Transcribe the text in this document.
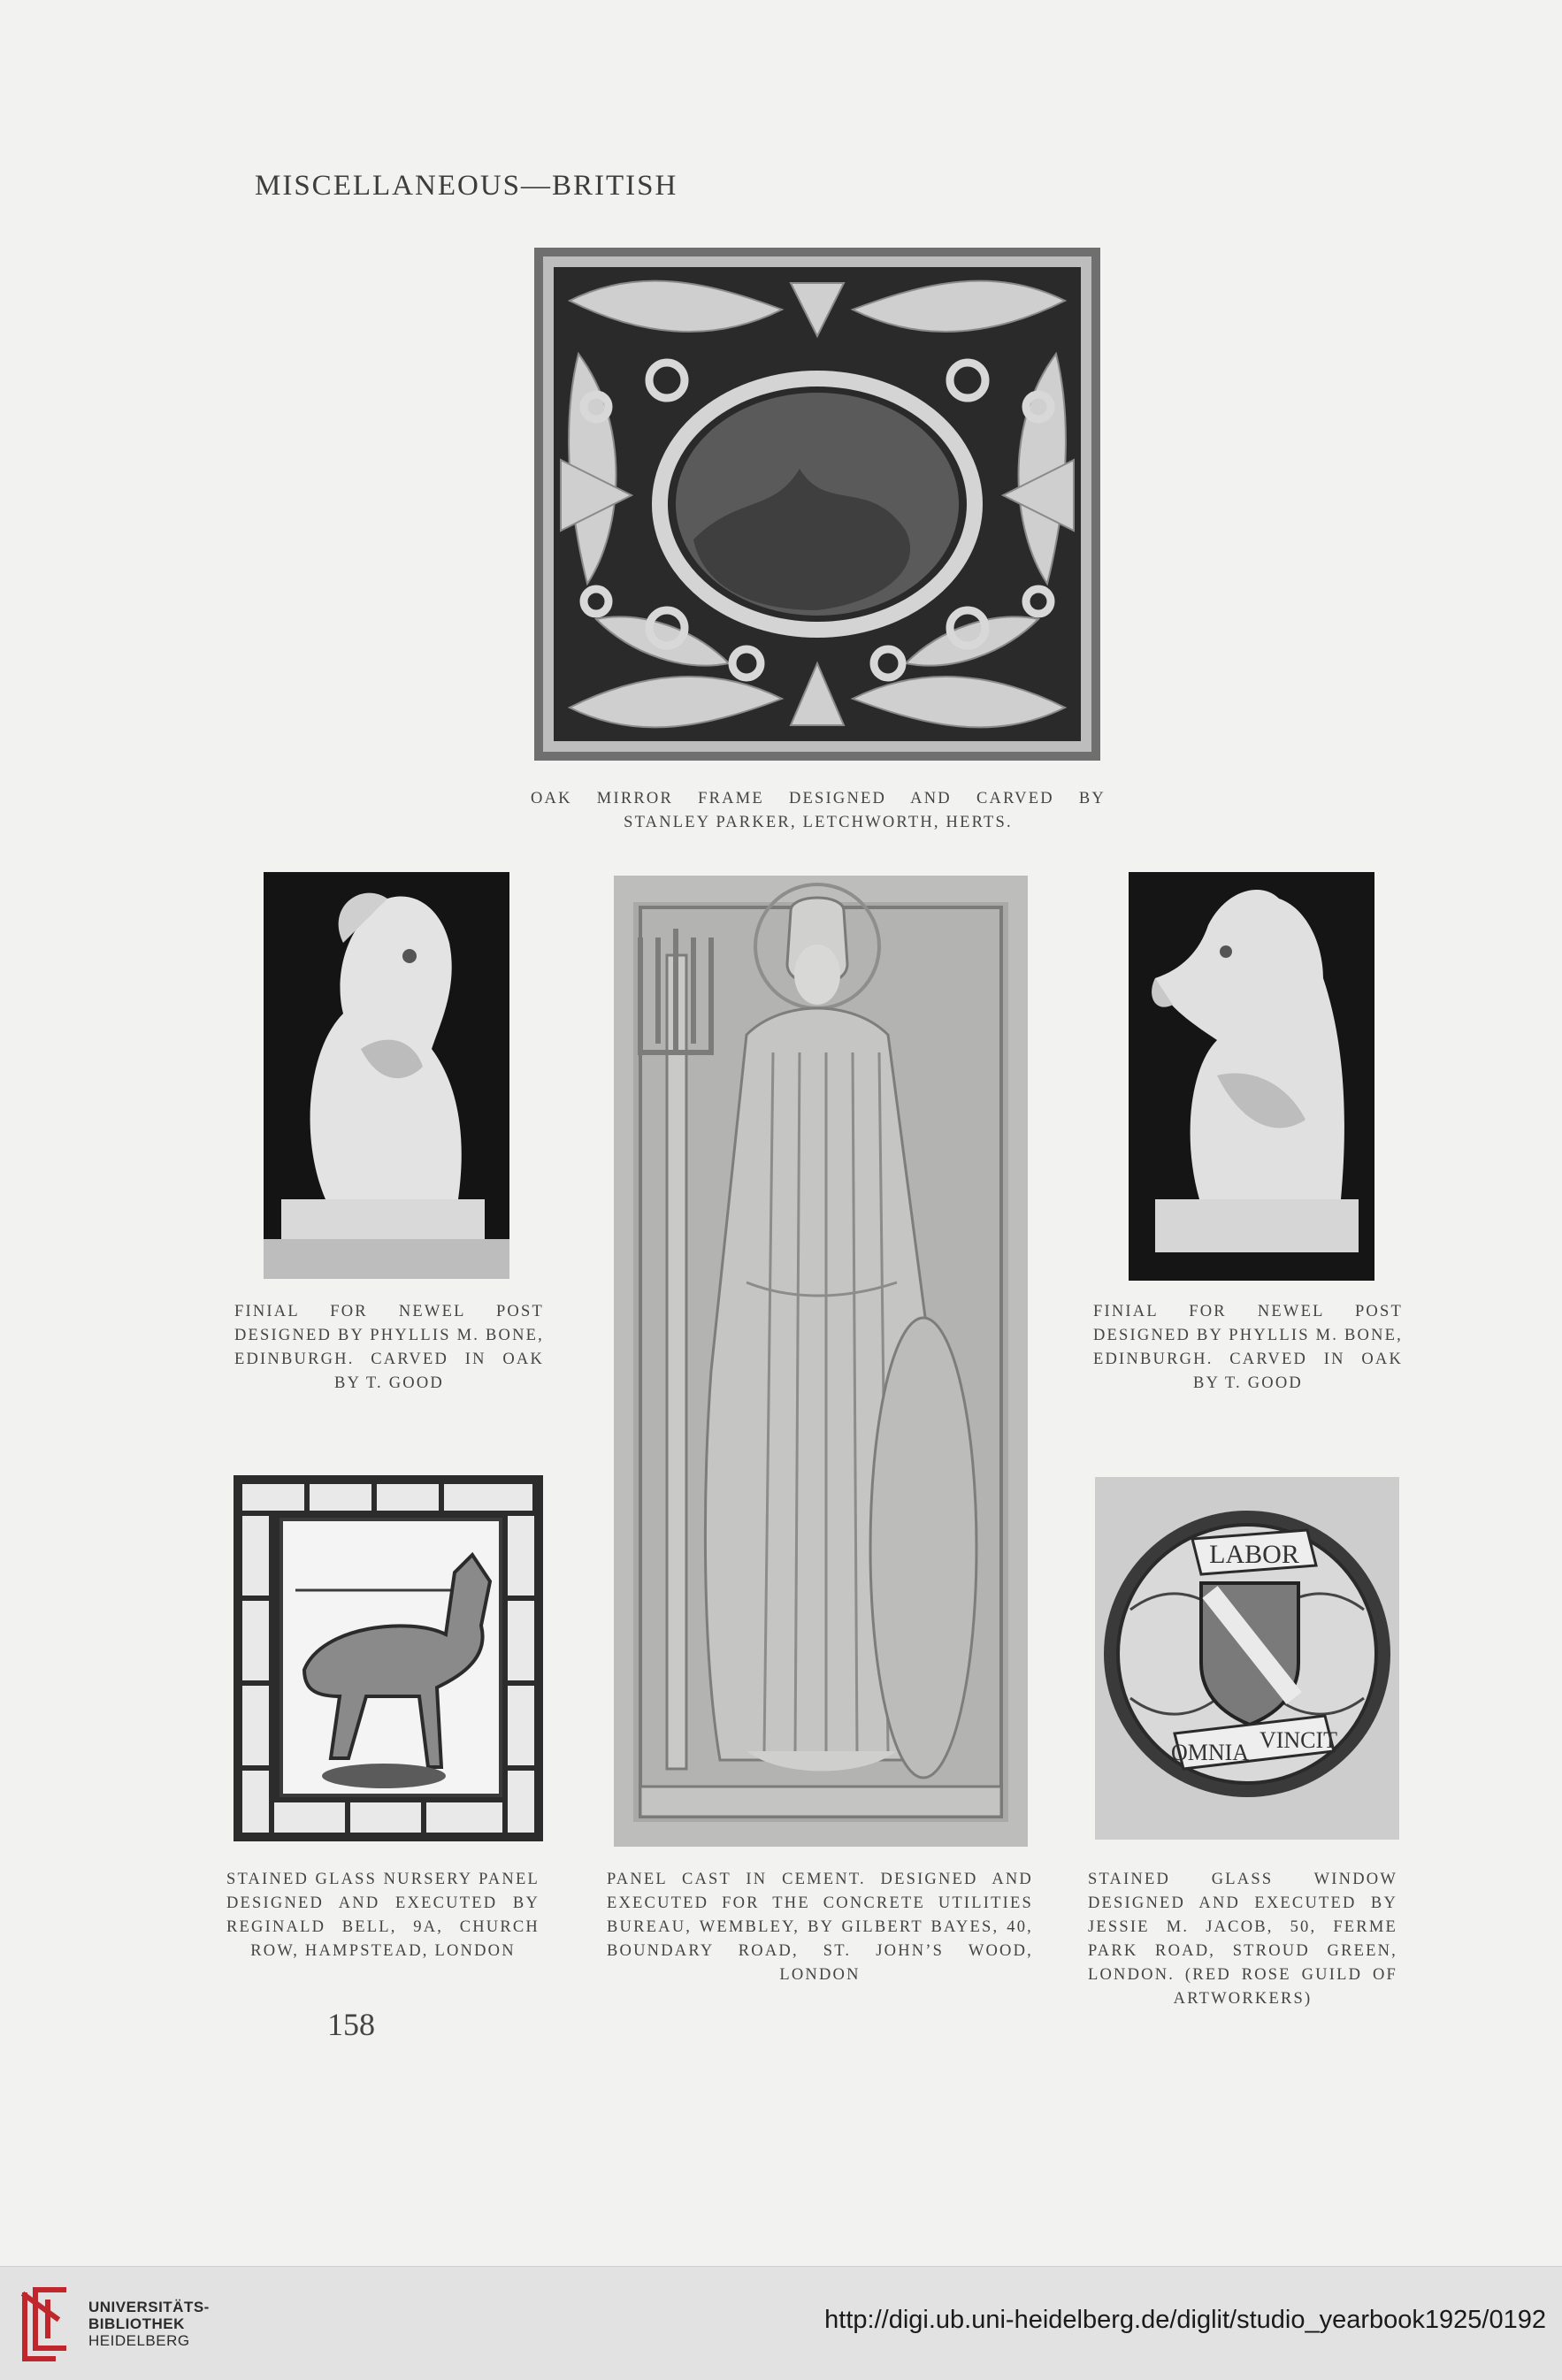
MISCELLANEOUS—BRITISH
OAK MIRROR FRAME DESIGNED AND CARVED BY
STANLEY PARKER, LETCHWORTH, HERTS.
FINIAL FOR NEWEL POST DESIGNED BY PHYLLIS M. BONE, EDINBURGH. CARVED IN OAK BY T. GOOD
PANEL CAST IN CEMENT. DESIGNED AND EXECUTED FOR THE CONCRETE UTILITIES BUREAU, WEMBLEY, BY GILBERT BAYES, 40, BOUNDARY ROAD, ST. JOHN’S WOOD, LONDON
FINIAL FOR NEWEL POST DESIGNED BY PHYLLIS M. BONE, EDINBURGH. CARVED IN OAK BY T. GOOD
STAINED GLASS NURSERY PANEL DESIGNED AND EXECUTED BY REGINALD BELL, 9A, CHURCH ROW, HAMPSTEAD, LONDON
LABOR
OMNIA VINCIT
STAINED GLASS WINDOW DESIGNED AND EXECUTED BY JESSIE M. JACOB, 50, FERME PARK ROAD, STROUD GREEN, LONDON. (RED ROSE GUILD OF ARTWORKERS)
158
UNIVERSITÄTS-
BIBLIOTHEK
HEIDELBERG
http://digi.ub.uni-heidelberg.de/diglit/studio_yearbook1925/0192
